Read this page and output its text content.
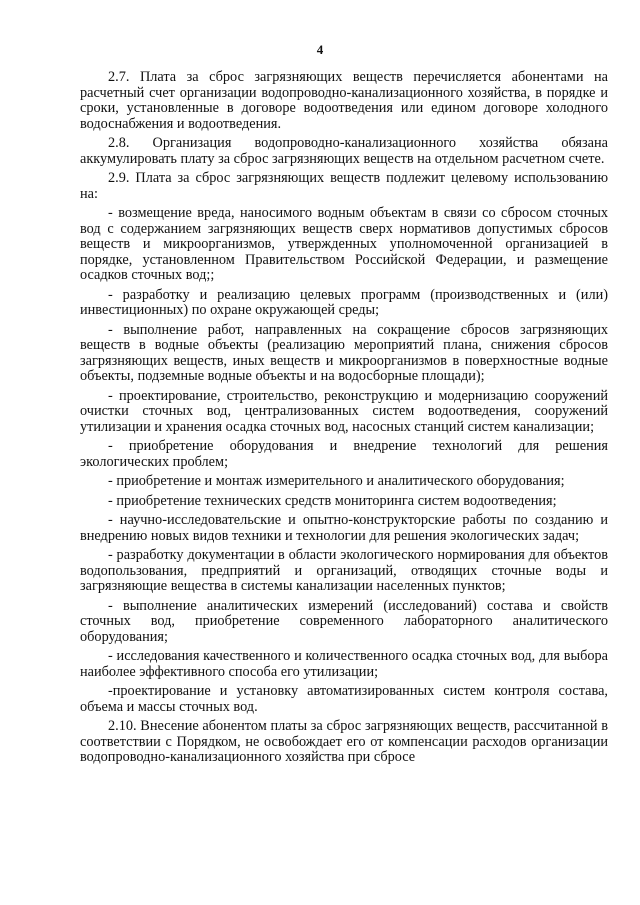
4

2.7. Плата за сброс загрязняющих веществ перечисляется абонентами на расчетный счет организации водопроводно-канализационного хозяйства, в порядке и сроки, установленные в договоре водоотведения или едином договоре холодного водоснабжения и водоотведения.

2.8. Организация водопроводно-канализационного хозяйства обязана аккумулировать плату за сброс загрязняющих веществ на отдельном расчетном счете.

2.9. Плата за сброс загрязняющих веществ подлежит целевому использованию на:

- возмещение вреда, наносимого водным объектам в связи со сбросом сточных вод с содержанием загрязняющих веществ сверх нормативов допустимых сбросов веществ и микроорганизмов, утвержденных уполномоченной организацией в порядке, установленном Правительством Российской Федерации, и размещение осадков сточных вод;;

- разработку и реализацию целевых программ (производственных и (или) инвестиционных) по охране окружающей среды;

- выполнение работ, направленных на сокращение сбросов загрязняющих веществ в водные объекты (реализацию мероприятий плана, снижения сбросов загрязняющих веществ, иных веществ и микроорганизмов в поверхностные водные объекты, подземные водные объекты и на водосборные площади);

- проектирование, строительство, реконструкцию и модернизацию сооружений очистки сточных вод, централизованных систем водоотведения, сооружений утилизации и хранения осадка сточных вод, насосных станций систем канализации;

- приобретение оборудования и внедрение технологий для решения экологических проблем;

- приобретение и монтаж измерительного и аналитического оборудования;

- приобретение технических средств мониторинга систем водоотведения;

- научно-исследовательские и опытно-конструкторские работы по созданию и внедрению новых видов техники и технологии для решения экологических задач;

- разработку документации в области экологического нормирования для объектов водопользования, предприятий и организаций, отводящих сточные воды и загрязняющие вещества в системы канализации населенных пунктов;

- выполнение аналитических измерений (исследований) состава и свойств сточных вод, приобретение современного лабораторного аналитического оборудования;

- исследования качественного и количественного осадка сточных вод, для выбора наиболее эффективного способа его утилизации;

-проектирование и установку автоматизированных систем контроля состава, объема и массы сточных вод.

2.10. Внесение абонентом платы за сброс загрязняющих веществ, рассчитанной в соответствии с Порядком, не освобождает его от компенсации расходов организации водопроводно-канализационного хозяйства при сбросе
